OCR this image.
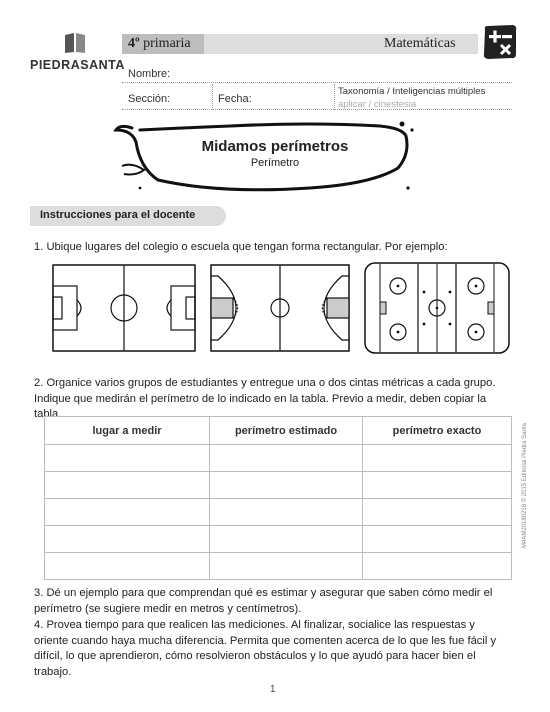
PIEDRASANTA
4º primaria	Matemáticas
Nombre:
Sección:	Fecha:
Taxonomía / Inteligencias múltiples
aplicar / cinestesia
Midamos perímetros
Perímetro
Instrucciones para el docente
1. Ubique lugares del colegio o escuela que tengan forma rectangular. Por ejemplo:
2. Organice varios grupos de estudiantes y entregue una o dos cintas métricas a cada grupo. Indique que medirán el perímetro de lo indicado en la tabla. Previo a medir, deben copiar la tabla.
lugar a medir	perímetro estimado	perímetro exacto

			M4AM20180218 © 2015 Editorial Piedra Santa
3. Dé un ejemplo para que comprendan qué es estimar y asegurar que saben cómo medir el perímetro (se sugiere medir en metros y centímetros).
4. Provea tiempo para que realicen las mediciones. Al finalizar, socialice las respuestas y oriente cuando haya mucha diferencia. Permita que comenten acerca de lo que les fue fácil y difícil, lo que aprendieron, cómo resolvieron obstáculos y lo que ayudó para hacer bien el trabajo.
1
